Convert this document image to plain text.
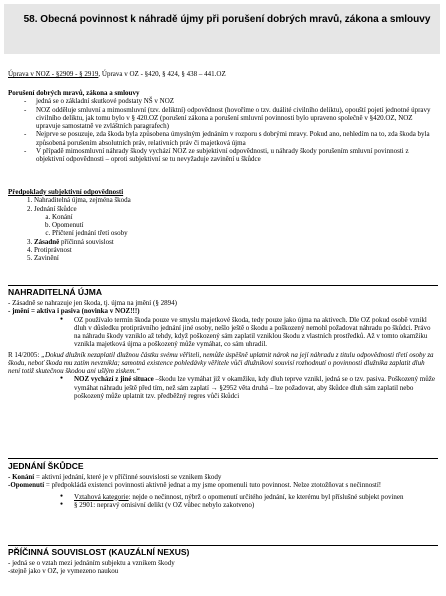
58. Obecná povinnost k náhradě újmy při porušení dobrých mravů, zákona a smlouvy
Úprava v NOZ - §2909 - § 2919, Úprava v OZ - §420, § 424, § 438 – 441.OZ
Porušení dobrých mravů, zákona a smlouvy
- jedná se o základní skutkové podstaty NŠ v NOZ
- NOZ odděluje smluvní a mimosmluvní (tzv. deliktní) odpovědnost (hovoříme o tzv. duálité civilního deliktu), opouští pojetí jednotné úpravy civilního deliktu, jak tomu bylo v § 420.OZ (porušení zákona a porušení smluvní povinnosti bylo upraveno společně v §420.OZ, NOZ upravuje samostatně ve zvláštních paragrafech)
- Nejprve se posuzuje, zda škoda byla způsobena úmyslným jednáním v rozporu s dobrými mravy. Pokud ano, nehledím na to, zda škoda byla způsobená porušením absolutních práv, relativních práv či majetková újma
- V případě mimosmluvní náhrady škody vychází NOZ ze subjektivní odpovědnosti, u náhrady škody porušením smluvní povinnosti z objektivní odpovědnosti – oproti subjektivní se tu nevyžaduje zavinění u škůdce
Předpoklady subjektivní odpovědnosti
1. Nahraditelná újma, zejména škoda
2. Jednání škůdce
a. Konání
b. Opomenutí
c. Přičtení jednání třetí osoby
3. Zásadně příčinná souvislost
4. Protiprávnost
5. Zavinění
NAHRADITELNÁ ÚJMA
- Zásadně se nahrazuje jen škoda, tj. újma na jmění (§ 2894)
- jmění = aktiva i pasiva (novinka v NOZ!!!)
● OZ používalo termín škoda pouze ve smyslu majetkové škoda, tedy pouze jako újma na aktivech. Dle OZ pokud osobě vznikl dluh v důsledku protiprávního jednání jiné osoby, nešlo ještě o škodu a poškozený nemohl požadovat náhradu po škůdci. Právo na náhradu škody vzniklo až tehdy, když poškozený sám zaplatil vzniklou škodu z vlastních prostředků. Až v tomto okamžiku vznikla majetková újma a poškozený může vymáhat, co sám uhradil.
R 14/2005: „Dokud dlužník nezaplatil dlužnou částku svému věřiteli, nemůže úspěšně uplatnit nárok na její náhradu z titulu odpovědnosti třetí osoby za škodu, neboť škoda mu zatím nevznikla; samotná existence pohledávky věřitele vůči dlužníkovi souvisí rozhodnutí o povinnosti dlužníka zaplatit dluh není totiž skutečnou škodou ani ušlým ziskem.“
● NOZ vychází z jiné situace –škodu lze vymáhat již v okamžiku, kdy dluh teprve vznikl, jedná se o tzv. pasiva. Poškozený může vymáhat náhradu ještě před tím, než sám zaplatí → §2952 věta druhá – lze požadovat, aby škůdce dluh sám zaplatil nebo poškozený může uplatnit tzv. předběžný regres vůči škůdci
JEDNÁNÍ ŠKŮDCE
- Konání = aktivní jednání, které je v příčinné souvislosti se vznikem škody
-Opomenutí = předpokládá existenci povinnosti aktivně jednat a my jsme opomenuli tuto povinnost. Nelze ztotožňovat s nečinností!
● Vztahová kategorie: nejde o nečinnost, nýbrž o opomenutí určitého jednání, ke kterému byl příslušné subjekt povinen
● § 2901: nepravý omisivní delikt (v OZ vůbec nebylo zakotveno)
PŘÍČINNÁ SOUVISLOST (KAUZÁLNÍ NEXUS)
- jedná se o vztah mezi jednáním subjektu a vznikem škody
-stejně jako v OZ, je vymezeno naukou
